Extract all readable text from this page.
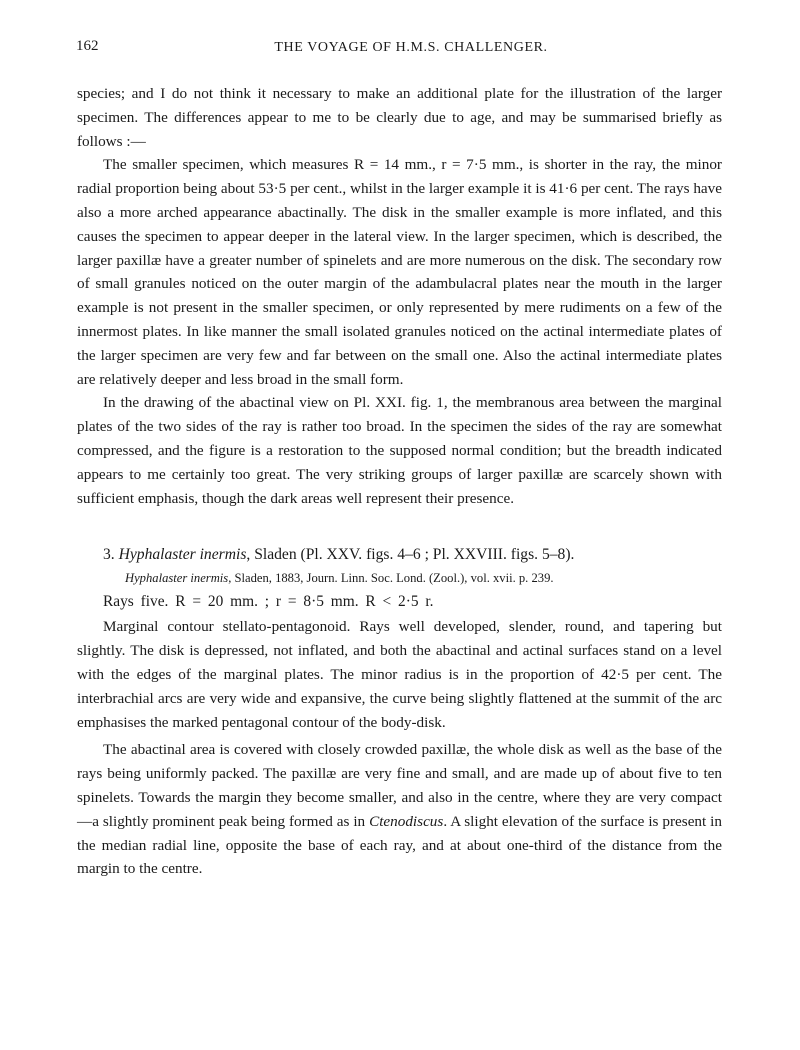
162	THE VOYAGE OF H.M.S. CHALLENGER.

species; and I do not think it necessary to make an additional plate for the illustration of the larger specimen. The differences appear to me to be clearly due to age, and may be summarised briefly as follows :—

The smaller specimen, which measures R = 14 mm., r = 7·5 mm., is shorter in the ray, the minor radial proportion being about 53·5 per cent., whilst in the larger example it is 41·6 per cent. The rays have also a more arched appearance abactinally. The disk in the smaller example is more inflated, and this causes the specimen to appear deeper in the lateral view. In the larger specimen, which is described, the larger paxillæ have a greater number of spinelets and are more numerous on the disk. The secondary row of small granules noticed on the outer margin of the adambulacral plates near the mouth in the larger example is not present in the smaller specimen, or only represented by mere rudiments on a few of the innermost plates. In like manner the small isolated granules noticed on the actinal intermediate plates of the larger specimen are very few and far between on the small one. Also the actinal intermediate plates are relatively deeper and less broad in the small form.

In the drawing of the abactinal view on Pl. XXI. fig. 1, the membranous area between the marginal plates of the two sides of the ray is rather too broad. In the specimen the sides of the ray are somewhat compressed, and the figure is a restoration to the supposed normal condition; but the breadth indicated appears to me certainly too great. The very striking groups of larger paxillæ are scarcely shown with sufficient emphasis, though the dark areas well represent their presence.

3. Hyphalaster inermis, Sladen (Pl. XXV. figs. 4–6 ; Pl. XXVIII. figs. 5–8).

Hyphalaster inermis, Sladen, 1883, Journ. Linn. Soc. Lond. (Zool.), vol. xvii. p. 239.

Rays five. R = 20 mm. ; r = 8·5 mm. R < 2·5 r.

Marginal contour stellato-pentagonoid. Rays well developed, slender, round, and tapering but slightly. The disk is depressed, not inflated, and both the abactinal and actinal surfaces stand on a level with the edges of the marginal plates. The minor radius is in the proportion of 42·5 per cent. The interbrachial arcs are very wide and expansive, the curve being slightly flattened at the summit of the arc emphasises the marked pentagonal contour of the body-disk.

The abactinal area is covered with closely crowded paxillæ, the whole disk as well as the base of the rays being uniformly packed. The paxillæ are very fine and small, and are made up of about five to ten spinelets. Towards the margin they become smaller, and also in the centre, where they are very compact—a slightly prominent peak being formed as in Ctenodiscus. A slight elevation of the surface is present in the median radial line, opposite the base of each ray, and at about one-third of the distance from the margin to the centre.
